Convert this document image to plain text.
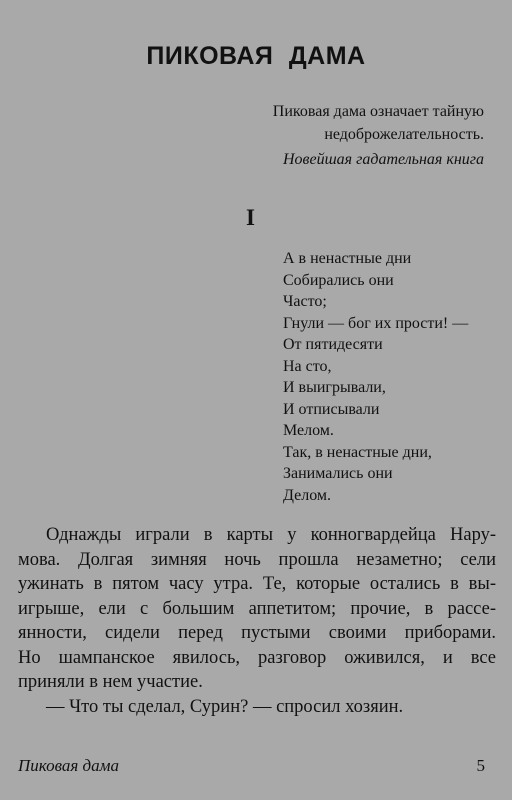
ПИКОВАЯ ДАМА
Пиковая дама означает тайную
недоброжелательность.
Новейшая гадательная книга
I
А в ненастные дни
Собирались они
Часто;
Гнули — бог их прости! —
От пятидесяти
На сто,
И выигрывали,
И отписывали
Мелом.
Так, в ненастные дни,
Занимались они
Делом.
Однажды играли в карты у конногвардейца Нару-
мова. Долгая зимняя ночь прошла незаметно; сели
ужинать в пятом часу утра. Те, которые остались в вы-
игрыше, ели с большим аппетитом; прочие, в рассе-
янности, сидели перед пустыми своими приборами.
Но шампанское явилось, разговор оживился, и все
приняли в нем участие.
— Что ты сделал, Сурин? — спросил хозяин.
Пиковая дама	5
